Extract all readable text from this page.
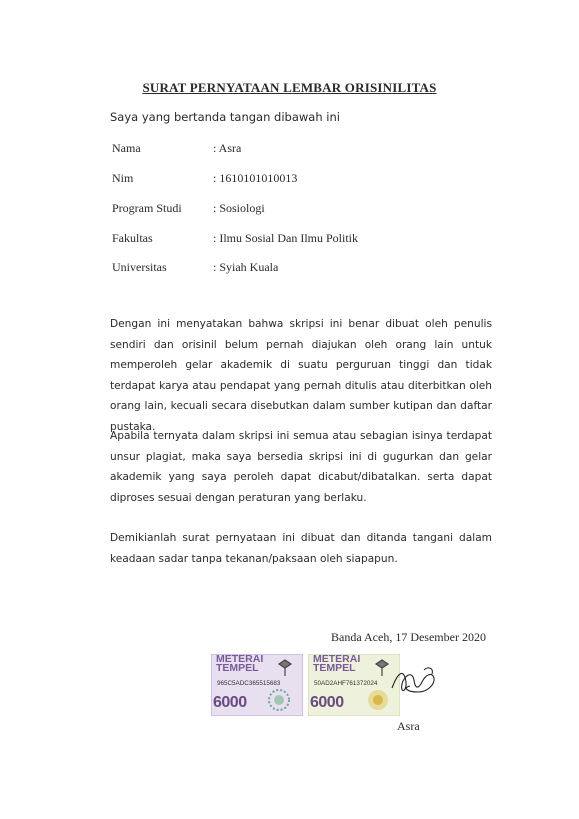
SURAT PERNYATAAN LEMBAR ORISINILITAS
Saya yang bertanda tangan dibawah ini
Nama	: Asra
Nim	: 1610101010013
Program Studi	: Sosiologi
Fakultas	: Ilmu Sosial Dan Ilmu Politik
Universitas	: Syiah Kuala

Dengan ini menyatakan bahwa skripsi ini benar dibuat oleh penulis sendiri dan orisinil belum pernah diajukan oleh orang lain untuk memperoleh gelar akademik di suatu perguruan tinggi dan tidak terdapat karya atau pendapat yang pernah ditulis atau diterbitkan oleh orang lain, kecuali secara disebutkan dalam sumber kutipan dan daftar pustaka.

Apabila ternyata dalam skripsi ini semua atau sebagian isinya terdapat unsur plagiat, maka saya bersedia skripsi ini di gugurkan dan gelar akademik yang saya peroleh dapat dicabut/dibatalkan. serta dapat diproses sesuai dengan peraturan yang berlaku.

Demikianlah surat pernyataan ini dibuat dan ditanda tangani dalam keadaan sadar tanpa tekanan/paksaan oleh siapapun.

Banda Aceh, 17 Desember 2020
METERAI
TEMPEL
965C5ADC365515683
6000
METERAI
TEMPEL
50AD2AHF761372024
6000
Asra
